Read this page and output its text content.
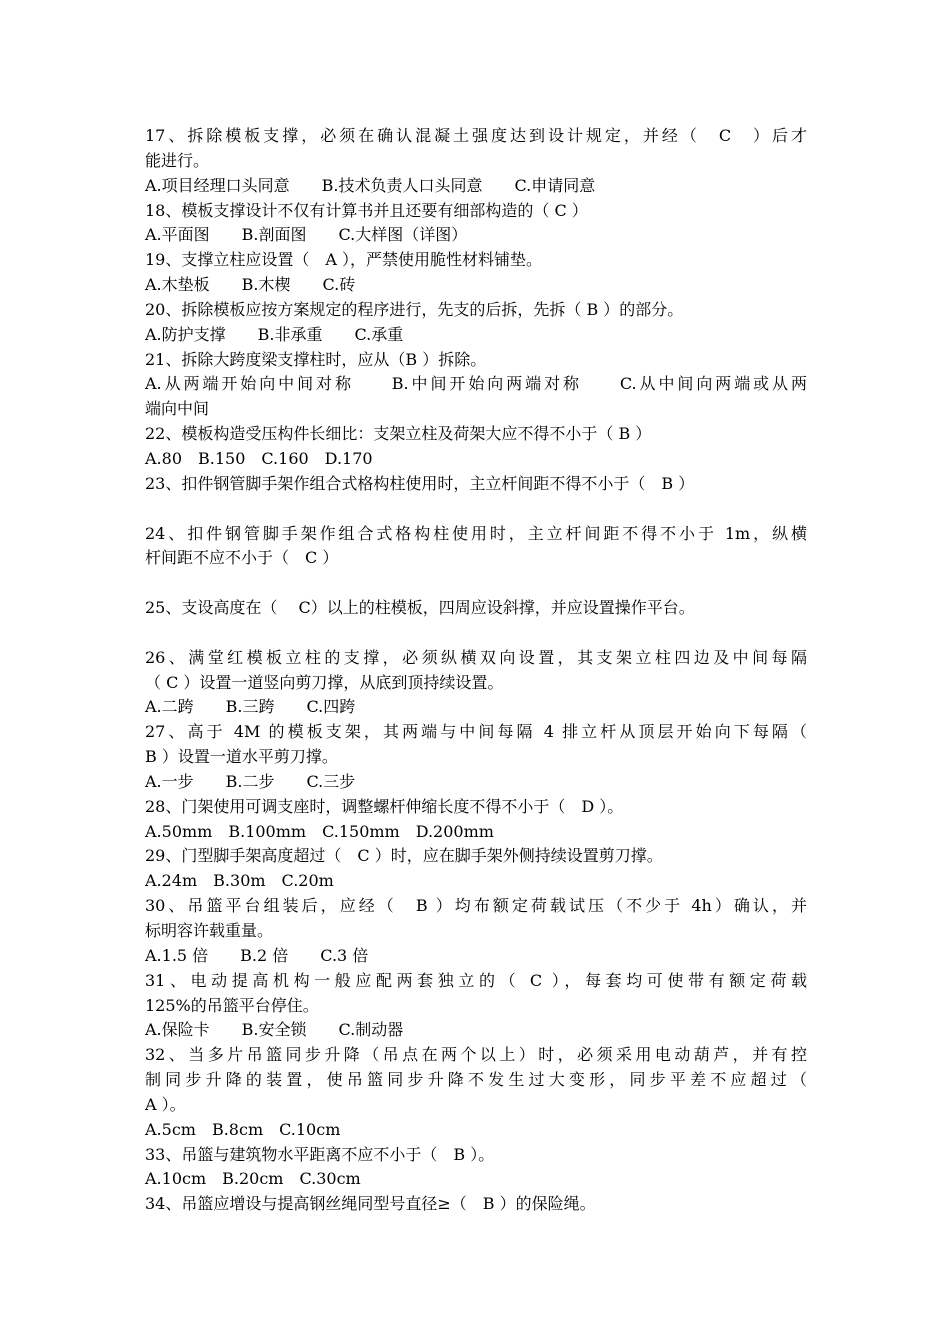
17、拆除模板支撑，必须在确认混凝土强度达到设计规定，并经（　C　）后才
能进行。
A.项目经理口头同意　　B.技术负责人口头同意　　C.申请同意
18、模板支撑设计不仅有计算书并且还要有细部构造的（ C ）
A.平面图　　B.剖面图　　C.大样图（详图）
19、支撑立柱应设置（　A ），严禁使用脆性材料铺垫。
A.木垫板　　B.木楔　　C.砖
20、拆除模板应按方案规定的程序进行，先支的后拆，先拆（ B ）的部分。
A.防护支撑　　B.非承重　　C.承重
21、拆除大跨度梁支撑柱时，应从（B ）拆除。
A.从两端开始向中间对称　　B.中间开始向两端对称　　C.从中间向两端或从两
端向中间
22、模板构造受压构件长细比：支架立柱及荷架大应不得不小于（ B ）
A.80　B.150　C.160　D.170
23、扣件钢管脚手架作组合式格构柱使用时，主立杆间距不得不小于（　B ）
24、扣件钢管脚手架作组合式格构柱使用时，主立杆间距不得不小于 1m，纵横
杆间距不应不小于（　C ）
25、支设高度在（　 C）以上的柱模板，四周应设斜撑，并应设置操作平台。
26、满堂红模板立柱的支撑，必须纵横双向设置，其支架立柱四边及中间每隔
（ C ）设置一道竖向剪刀撑，从底到顶持续设置。
A.二跨　　B.三跨　　C.四跨
27、高于 4M 的模板支架，其两端与中间每隔 4 排立杆从顶层开始向下每隔（
B ）设置一道水平剪刀撑。
A.一步　　B.二步　　C.三步
28、门架使用可调支座时，调整螺杆伸缩长度不得不小于（　D ）。
A.50mm　B.100mm　C.150mm　D.200mm
29、门型脚手架高度超过（　C ）时，应在脚手架外侧持续设置剪刀撑。
A.24m　B.30m　C.20m
30、吊篮平台组装后，应经（　B ）均布额定荷载试压（不少于 4h）确认，并
标明容许载重量。
A.1.5 倍　　B.2 倍　　C.3 倍
31、电动提高机构一般应配两套独立的（ C ），每套均可使带有额定荷载
125%的吊篮平台停住。
A.保险卡　　B.安全锁　　C.制动器
32、当多片吊篮同步升降（吊点在两个以上）时，必须采用电动葫芦，并有控
制同步升降的装置，使吊篮同步升降不发生过大变形，同步平差不应超过（
A ）。
A.5cm　B.8cm　C.10cm
33、吊篮与建筑物水平距离不应不小于（　B ）。
A.10cm　B.20cm　C.30cm
34、吊篮应增设与提高钢丝绳同型号直径≥（　B ）的保险绳。
